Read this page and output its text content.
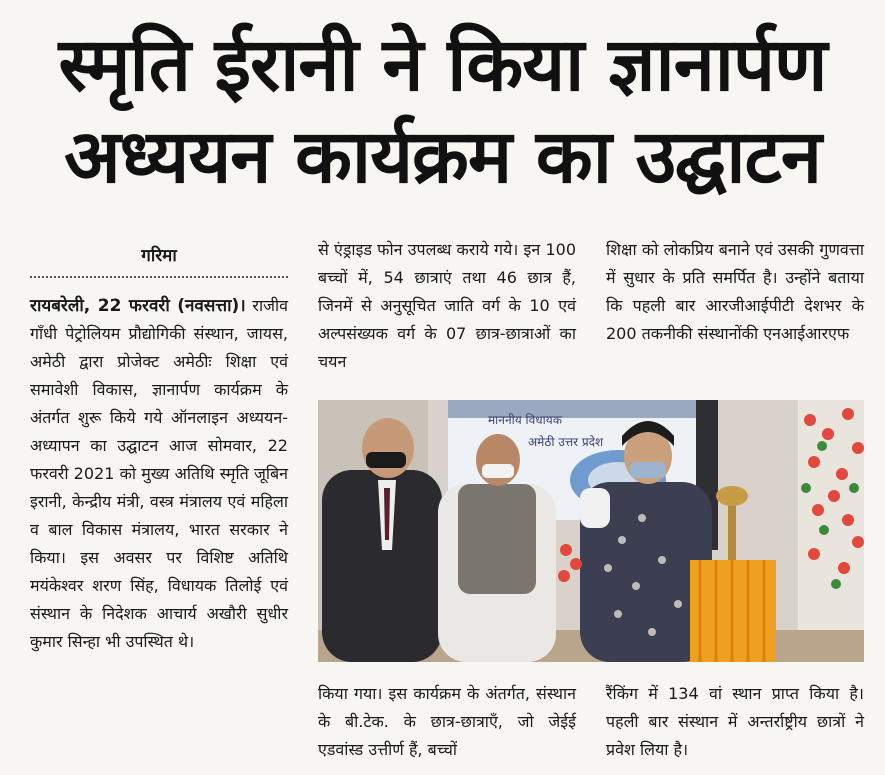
स्मृति ईरानी ने किया ज्ञानार्पण
अध्ययन कार्यक्रम का उद्घाटन
गरिमा

रायबरेली, 22 फरवरी (नवसत्ता)। राजीव गाँधी पेट्रोलियम प्रौद्योगिकी संस्थान, जायस, अमेठी द्वारा प्रोजेक्ट अमेठीः शिक्षा एवं समावेशी विकास, ज्ञानार्पण कार्यक्रम के अंतर्गत शुरू किये गये ऑनलाइन अध्ययन-अध्यापन का उद्घाटन आज सोमवार, 22 फरवरी 2021 को मुख्य अतिथि स्मृति जूबिन इरानी, केन्द्रीय मंत्री, वस्त्र मंत्रालय एवं महिला व बाल विकास मंत्रालय, भारत सरकार ने किया। इस अवसर पर विशिष्ट अतिथि मयंकेश्वर शरण सिंह, विधायक तिलोई एवं संस्थान के निदेशक आचार्य अखौरी सुधीर कुमार सिन्हा भी उपस्थित थे।

से एंड्राइड फोन उपलब्ध कराये गये। इन 100 बच्चों में, 54 छात्राएं तथा 46 छात्र हैं, जिनमें से अनुसूचित जाति वर्ग के 10 एवं अल्पसंख्यक वर्ग के 07 छात्र-छात्राओं का चयन

शिक्षा को लोकप्रिय बनाने एवं उसकी गुणवत्ता में सुधार के प्रति समर्पित है। उन्होंने बताया कि पहली बार आरजीआईपीटी देशभर के 200 तकनीकी संस्थानोंकी एनआईआरएफ

माननीय विधायक
अमेठी उत्तर प्रदेश

किया गया। इस कार्यक्रम के अंतर्गत, संस्थान के बी.टेक. के छात्र-छात्राएँ, जो जेईई एडवांस्ड उत्तीर्ण हैं, बच्चों

रैंकिंग में 134 वां स्थान प्राप्त किया है। पहली बार संस्थान में अन्तर्राष्ट्रीय छात्रों ने प्रवेश लिया है।
